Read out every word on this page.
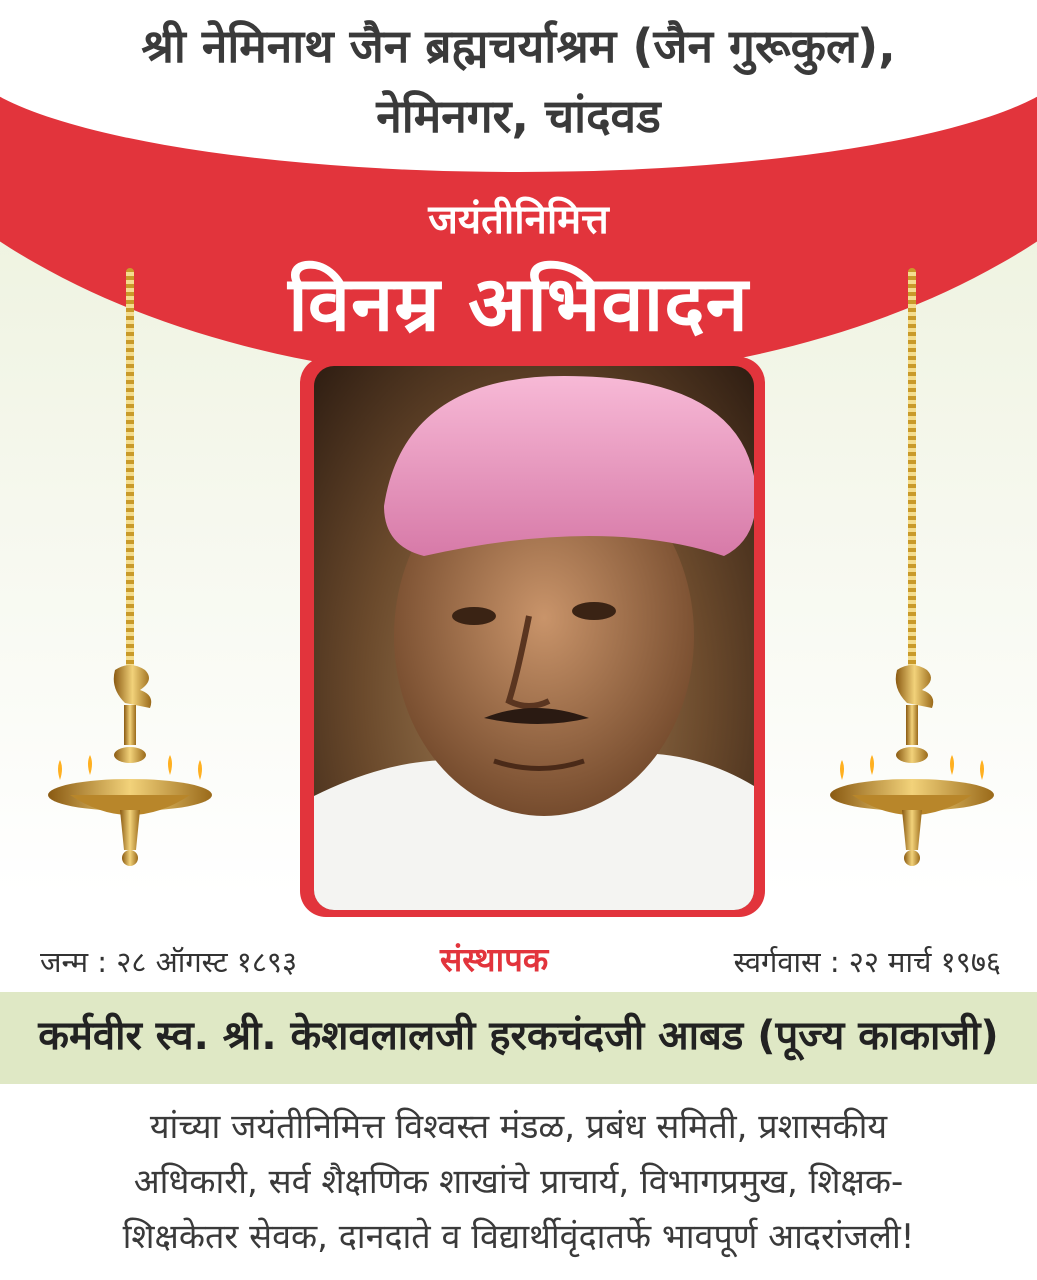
श्री नेमिनाथ जैन ब्रह्मचर्याश्रम (जैन गुरूकुल),
नेमिनगर, चांदवड
जयंतीनिमित्त
विनम्र अभिवादन
जन्म : २८ ऑगस्ट १८९३	संस्थापक	स्वर्गवास : २२ मार्च १९७६
कर्मवीर स्व. श्री. केशवलालजी हरकचंदजी आबड (पूज्य काकाजी)
यांच्या जयंतीनिमित्त विश्वस्त मंडळ, प्रबंध समिती, प्रशासकीय
अधिकारी, सर्व शैक्षणिक शाखांचे प्राचार्य, विभागप्रमुख, शिक्षक-
शिक्षकेतर सेवक, दानदाते व विद्यार्थीवृंदातर्फे भावपूर्ण आदरांजली!
